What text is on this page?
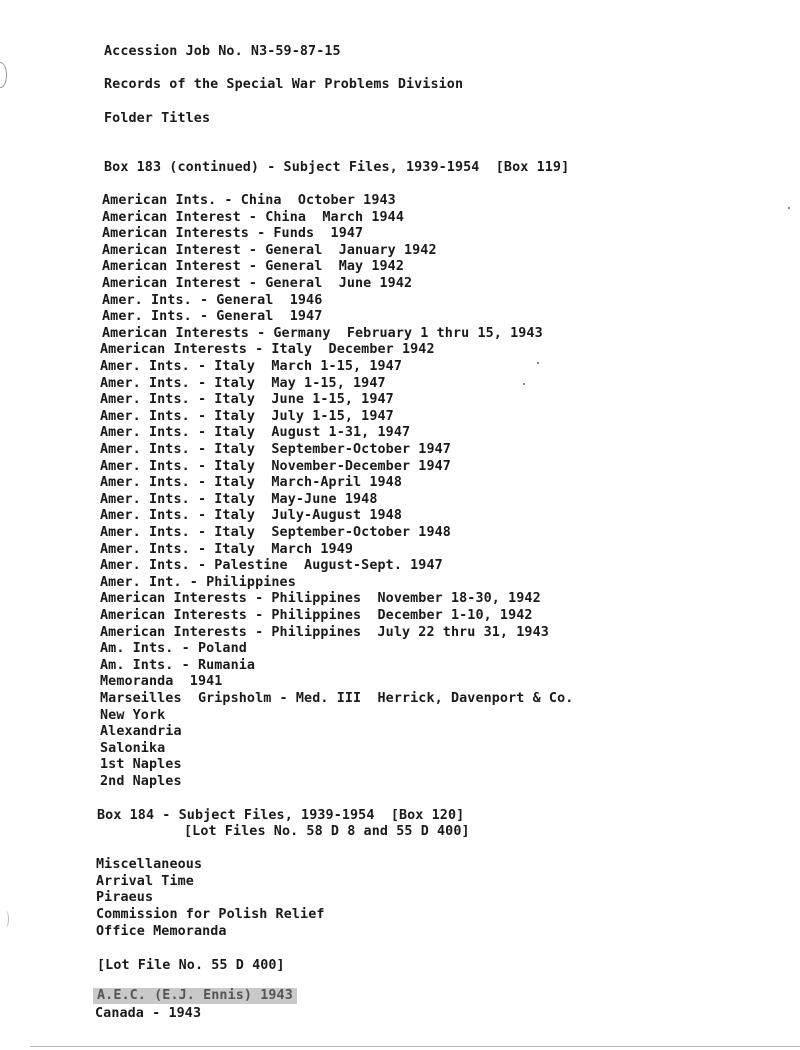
Accession Job No. N3-59-87-15
Records of the Special War Problems Division
Folder Titles
Box 183 (continued) - Subject Files, 1939-1954  [Box 119]
American Ints. - China  October 1943
American Interest - China  March 1944
American Interests - Funds  1947
American Interest - General  January 1942
American Interest - General  May 1942
American Interest - General  June 1942
Amer. Ints. - General  1946
Amer. Ints. - General  1947
American Interests - Germany  February 1 thru 15, 1943
American Interests - Italy  December 1942
Amer. Ints. - Italy  March 1-15, 1947
Amer. Ints. - Italy  May 1-15, 1947
Amer. Ints. - Italy  June 1-15, 1947
Amer. Ints. - Italy  July 1-15, 1947
Amer. Ints. - Italy  August 1-31, 1947
Amer. Ints. - Italy  September-October 1947
Amer. Ints. - Italy  November-December 1947
Amer. Ints. - Italy  March-April 1948
Amer. Ints. - Italy  May-June 1948
Amer. Ints. - Italy  July-August 1948
Amer. Ints. - Italy  September-October 1948
Amer. Ints. - Italy  March 1949
Amer. Ints. - Palestine  August-Sept. 1947
Amer. Int. - Philippines
American Interests - Philippines  November 18-30, 1942
American Interests - Philippines  December 1-10, 1942
American Interests - Philippines  July 22 thru 31, 1943
Am. Ints. - Poland
Am. Ints. - Rumania
Memoranda  1941
Marseilles  Gripsholm - Med. III  Herrick, Davenport & Co.
New York
Alexandria
Salonika
1st Naples
2nd Naples
Box 184 - Subject Files, 1939-1954  [Box 120]
[Lot Files No. 58 D 8 and 55 D 400]
Miscellaneous
Arrival Time
Piraeus
Commission for Polish Relief
Office Memoranda
[Lot File No. 55 D 400]
A.E.C. (E.J. Ennis) 1943
Canada - 1943
